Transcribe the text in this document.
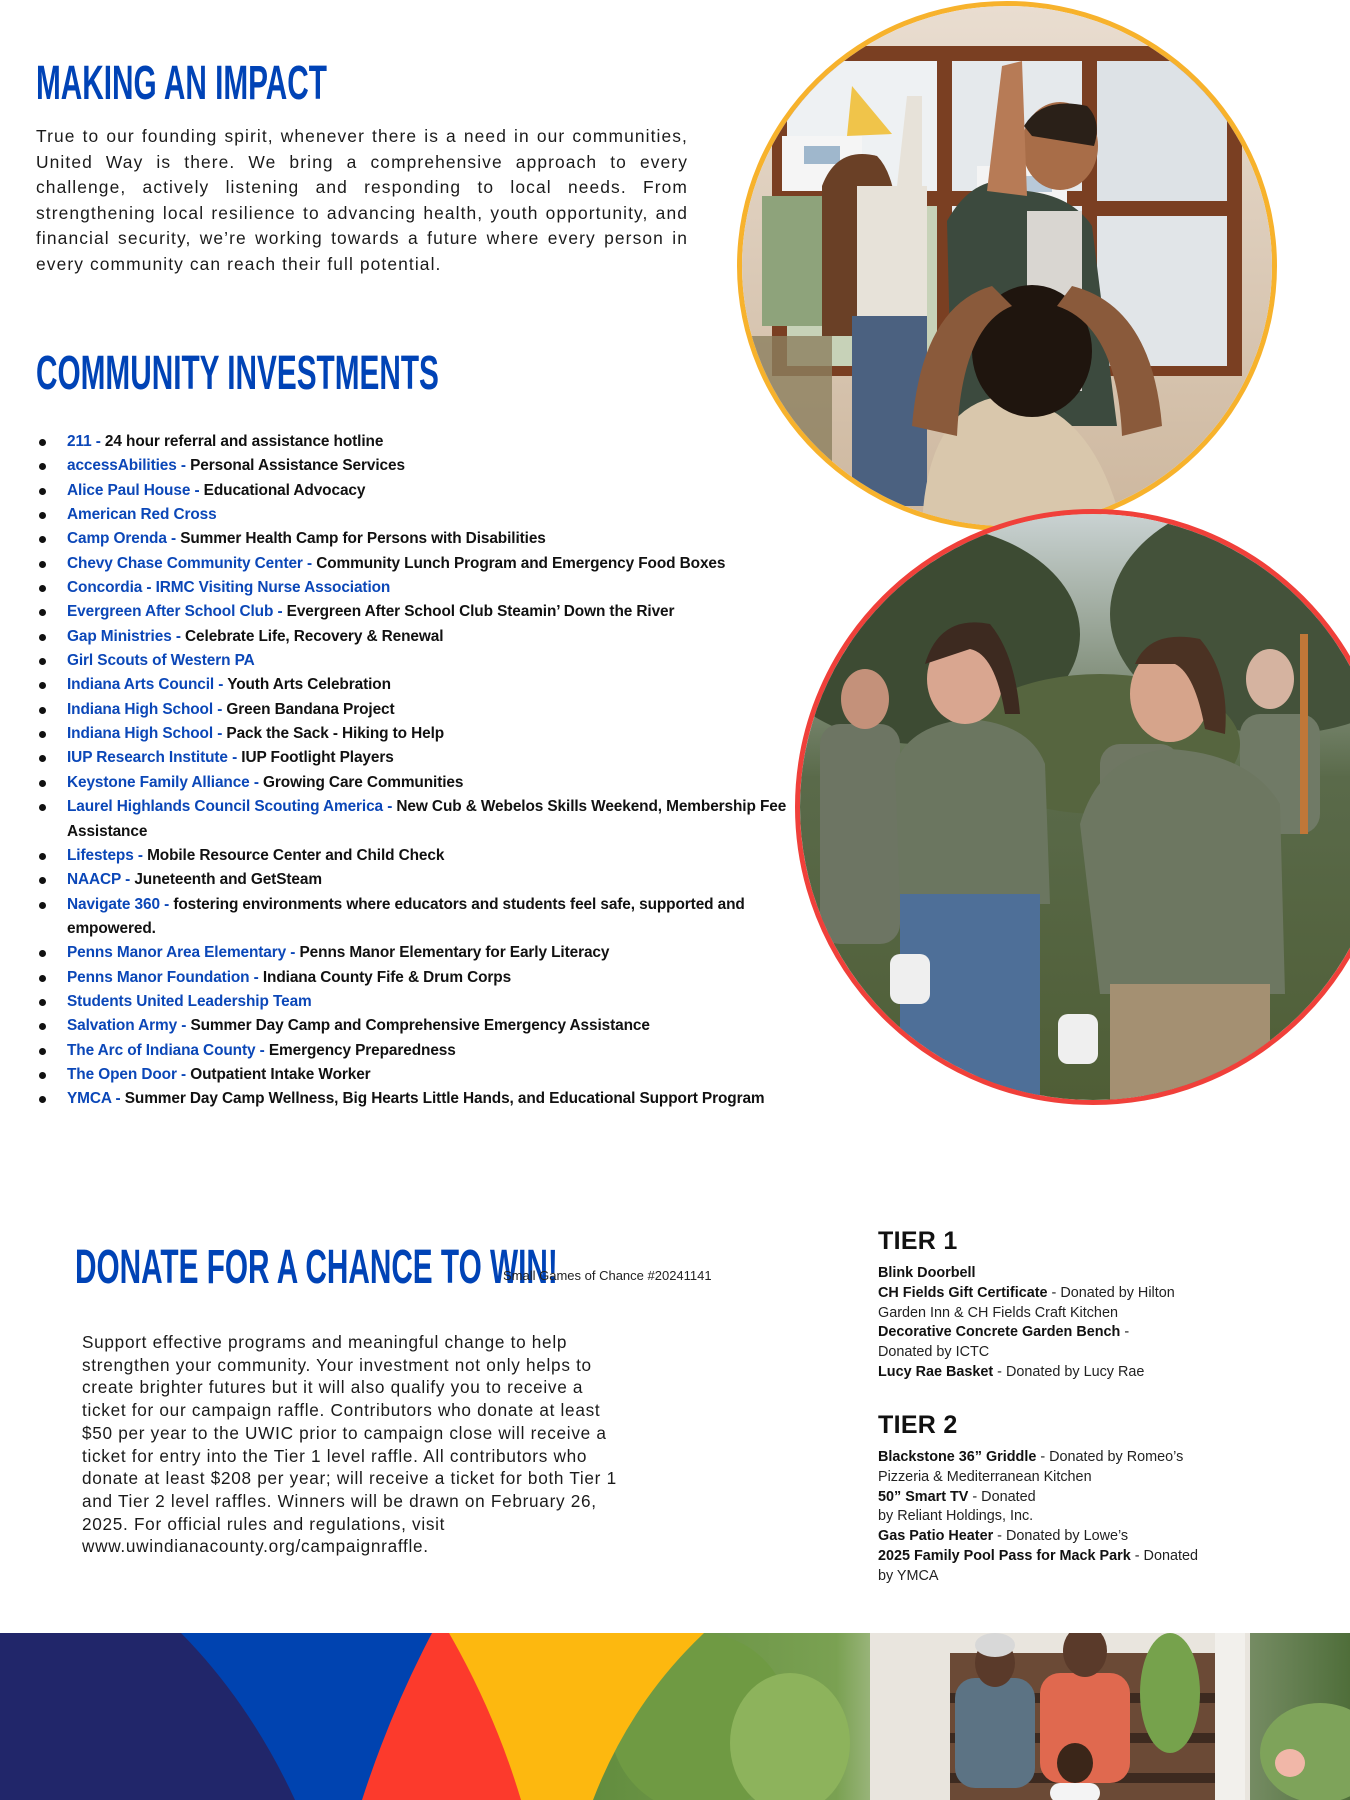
MAKING AN IMPACT

True to our founding spirit, whenever there is a need in our communities, United Way is there. We bring a comprehensive approach to every challenge, actively listening and responding to local needs. From strengthening local resilience to advancing health, youth opportunity, and financial security, we’re working towards a future where every person in every community can reach their full potential.

COMMUNITY INVESTMENTS
211 - 24 hour referral and assistance hotline
accessAbilities - Personal Assistance Services
Alice Paul House - Educational Advocacy
American Red Cross
Camp Orenda - Summer Health Camp for Persons with Disabilities
Chevy Chase Community Center - Community Lunch Program and Emergency Food Boxes
Concordia - IRMC Visiting Nurse Association
Evergreen After School Club - Evergreen After School Club Steamin’ Down the River
Gap Ministries - Celebrate Life, Recovery & Renewal
Girl Scouts of Western PA
Indiana Arts Council - Youth Arts Celebration
Indiana High School - Green Bandana Project
Indiana High School - Pack the Sack - Hiking to Help
IUP Research Institute - IUP Footlight Players
Keystone Family Alliance - Growing Care Communities
Laurel Highlands Council Scouting America - New Cub & Webelos Skills Weekend, Membership Fee Assistance
Lifesteps - Mobile Resource Center and Child Check
NAACP - Juneteenth and GetSteam
Navigate 360 - fostering environments where educators and students feel safe, supported and empowered.
Penns Manor Area Elementary - Penns Manor Elementary for Early Literacy
Penns Manor Foundation - Indiana County Fife & Drum Corps
Students United Leadership Team
Salvation Army - Summer Day Camp and Comprehensive Emergency Assistance
The Arc of Indiana County - Emergency Preparedness
The Open Door - Outpatient Intake Worker
YMCA - Summer Day Camp Wellness, Big Hearts Little Hands, and Educational Support Program
DONATE FOR A CHANCE TO WIN!
Small Games of Chance #20241141

Support effective programs and meaningful change to help

strengthen your community. Your investment not only helps to

create brighter futures but it will also qualify you to receive a

ticket for our campaign raffle. Contributors who donate at least

$50 per year to the UWIC prior to campaign close will receive a

ticket for entry into the Tier 1 level raffle. All contributors who

donate at least $208 per year; will receive a ticket for both Tier 1

and Tier 2 level raffles. Winners will be drawn on February 26,

2025. For official rules and regulations, visit

www.uwindianacounty.org/campaignraffle.

TIER 1
Blink Doorbell
CH Fields Gift Certificate - Donated by Hilton
Garden Inn & CH Fields Craft Kitchen
Decorative Concrete Garden Bench -
Donated by ICTC
Lucy Rae Basket - Donated by Lucy Rae
TIER 2
Blackstone 36” Griddle - Donated by Romeo’s
Pizzeria & Mediterranean Kitchen
50” Smart TV - Donated
by Reliant Holdings, Inc.
Gas Patio Heater - Donated by Lowe’s
2025 Family Pool Pass for Mack Park - Donated
by YMCA
